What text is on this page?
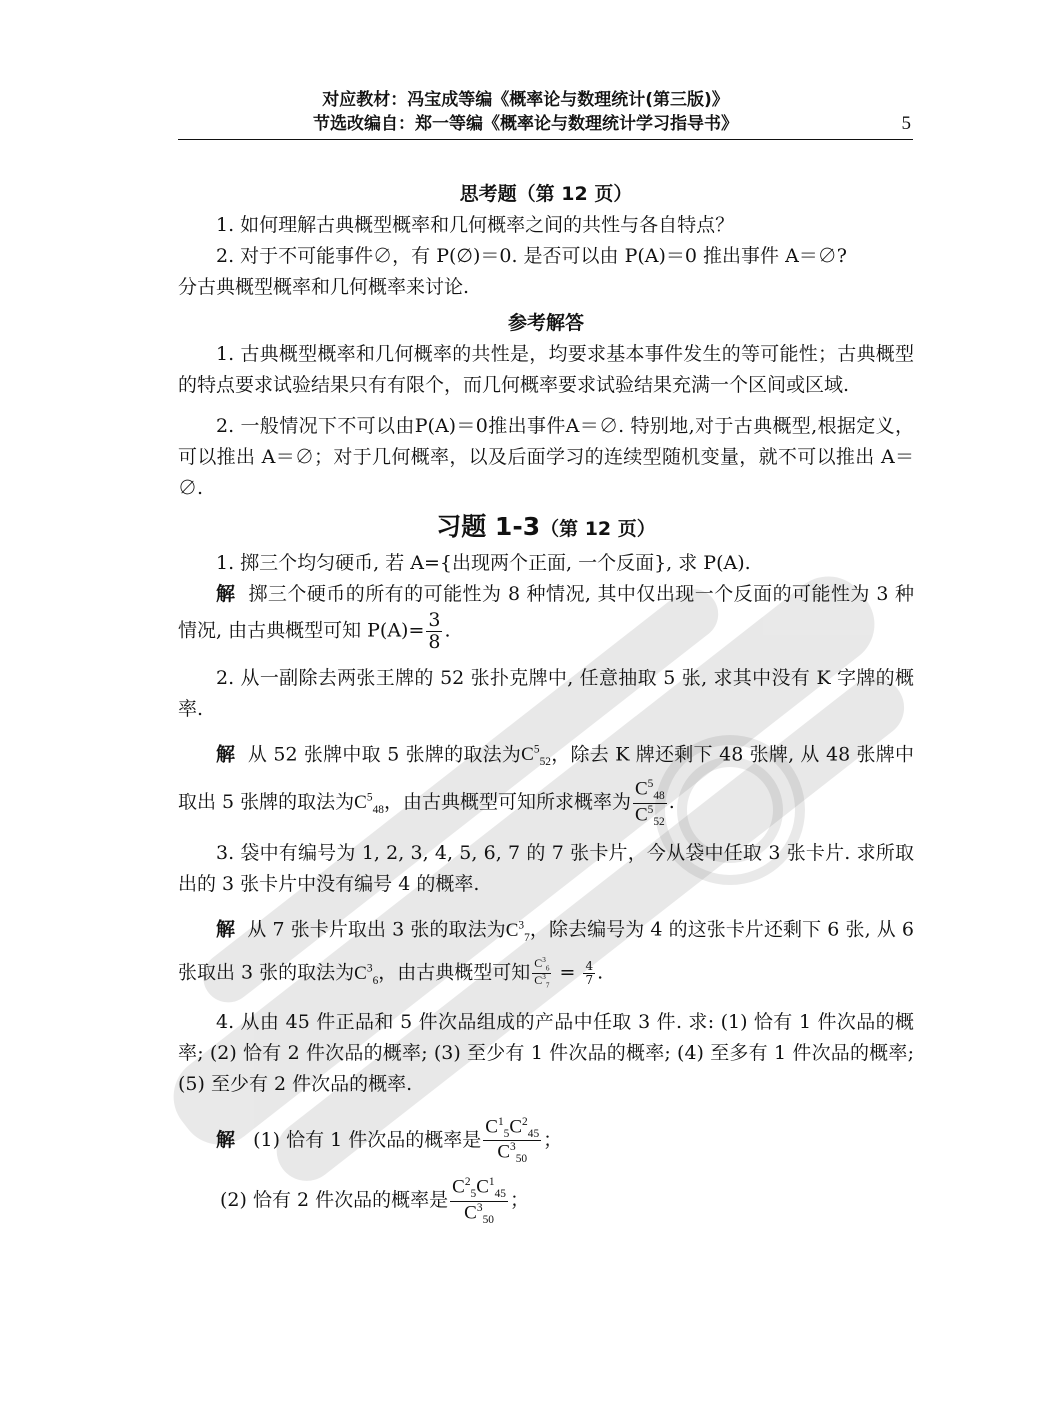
对应教材：冯宝成等编《概率论与数理统计(第三版)》
节选改编自：郑一等编《概率论与数理统计学习指导书》	5
思考题（第 12 页）

1. 如何理解古典概型概率和几何概率之间的共性与各自特点？

2. 对于不可能事件∅，有 P(∅)＝0. 是否可以由 P(A)＝0 推出事件 A＝∅?

分古典概型概率和几何概率来讨论.

参考解答

1. 古典概型概率和几何概率的共性是，均要求基本事件发生的等可能性；古典概型的特点要求试验结果只有有限个，而几何概率要求试验结果充满一个区间或区域.

2. 一般情况下不可以由P(A)＝0推出事件A＝∅. 特别地,对于古典概型,根据定义，可以推出 A＝∅；对于几何概率，以及后面学习的连续型随机变量，就不可以推出 A＝∅.

习题 1-3（第 12 页）

1. 掷三个均匀硬币, 若 A={出现两个正面, 一个反面}, 求 P(A).

解 掷三个硬币的所有的可能性为 8 种情况, 其中仅出现一个反面的可能性为 3 种情况, 由古典概型可知 $P(A)= \frac{3}{8}$ .

2. 从一副除去两张王牌的 52 张扑克牌中, 任意抽取 5 张, 求其中没有 K 字牌的概率.

解 从 52 张牌中取 5 张牌的取法为$C^5_{52}$，除去 K 牌还剩下 48 张牌, 从 48 张牌中取出 5 张牌的取法为$C^5_{48}$，由古典概型可知所求概率为 $\frac{C^5_{48}}{C^5_{52}}$ .

3. 袋中有编号为 1, 2, 3, 4, 5, 6, 7 的 7 张卡片，今从袋中任取 3 张卡片. 求所取出的 3 张卡片中没有编号 4 的概率.

解 从 7 张卡片取出 3 张的取法为$C^3_7$，除去编号为 4 的这张卡片还剩下 6 张, 从 6 张取出 3 张的取法为$C^3_6$，由古典概型可知 $\frac{C^3_6}{C^3_7} = \frac{4}{7}$ .

4. 从由 45 件正品和 5 件次品组成的产品中任取 3 件. 求: (1) 恰有 1 件次品的概率; (2) 恰有 2 件次品的概率; (3) 至少有 1 件次品的概率; (4) 至多有 1 件次品的概率; (5) 至少有 2 件次品的概率.

解 (1) 恰有 1 件次品的概率是 $\frac{C^1_5C^2_{45}}{C^3_{50}}$ ；

(2) 恰有 2 件次品的概率是 $\frac{C^2_5C^1_{45}}{C^3_{50}}$ ；
